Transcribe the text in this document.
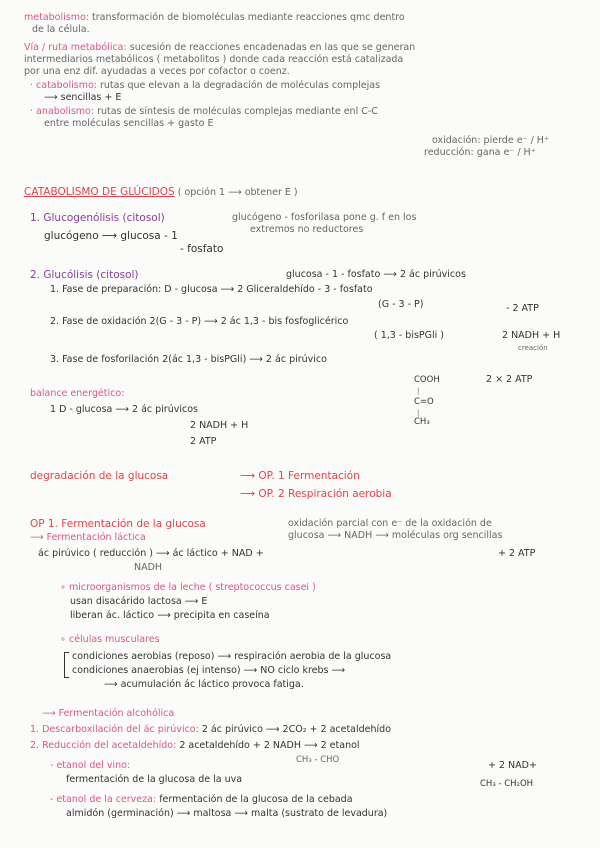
metabolismo: transformación de biomoléculas mediante reacciones qmc dentro
de la célula.
Vía / ruta metabólica: sucesión de reacciones encadenadas en las que se generan
intermediarios metabólicos ( metabolitos ) donde cada reacción está catalizada
por una enz dif. ayudadas a veces por cofactor o coenz.
· catabolismo: rutas que elevan a la degradación de moléculas complejas
⟶ sencillas + E
· anabolismo: rutas de síntesis de moléculas complejas mediante enl C-C
entre moléculas sencillas + gasto E
oxidación: pierde e⁻ / H⁺
reducción: gana e⁻ / H⁺
CATABOLISMO DE GLÚCIDOS ( opción 1 ⟶ obtener E )
1. Glucogenólisis (citosol)	glucógeno - fosforilasa pone g. f en los
glucógeno ⟶ glucosa - 1
extremos no reductores
- fosfato
2. Glucólisis (citosol)	glucosa - 1 - fosfato ⟶ 2 ác pirúvicos
1. Fase de preparación: D - glucosa ⟶ 2 Gliceraldehído - 3 - fosfato
(G - 3 - P)	- 2 ATP
2. Fase de oxidación 2(G - 3 - P) ⟶ 2 ác 1,3 - bis fosfoglicérico
( 1,3 - bisPGli )	2 NADH + H
creación
3. Fase de fosforilación 2(ác 1,3 - bisPGli) ⟶ 2 ác pirúvico
COOH	2 × 2 ATP
|
balance energético:
C=O
|
1 D - glucosa ⟶ 2 ác pirúvicos
CH₃
2 NADH + H
2 ATP
degradación de la glucosa	⟶ OP. 1 Fermentación
⟶ OP. 2 Respiración aerobia
OP 1. Fermentación de la glucosa	oxidación parcial con e⁻ de la oxidación de
⟶ Fermentación láctica	glucosa ⟶ NADH ⟶ moléculas org sencillas
ác pirúvico ( reducción ) ⟶ ác láctico + NAD +	+ 2 ATP
NADH
∘ microorganismos de la leche ( streptococcus casei )
usan disacárido lactosa ⟶ E
liberan ác. láctico ⟶ precipita en caseína
∘ células musculares
condiciones aerobias (reposo) ⟶ respiración aerobia de la glucosa
condiciones anaerobias (ej intenso) ⟶ NO ciclo krebs ⟶
⟶ acumulación ác láctico provoca fatiga.
⟶ Fermentación alcohólica
1. Descarboxilación del ác pirúvico: 2 ác pirúvico ⟶ 2CO₂ + 2 acetaldehído
2. Reducción del acetaldehído: 2 acetaldehído + 2 NADH ⟶ 2 etanol
- etanol del vino:	CH₃ - CHO	+ 2 NAD+
fermentación de la glucosa de la uva	CH₃ - CH₂OH
- etanol de la cerveza: fermentación de la glucosa de la cebada
almidón (germinación) ⟶ maltosa ⟶ malta (sustrato de levadura)
